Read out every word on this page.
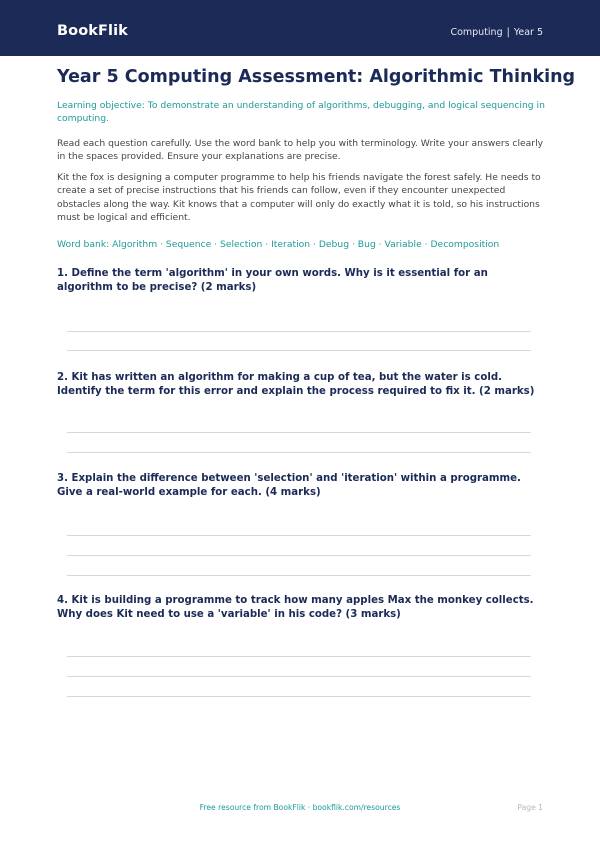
BookFlik	Computing | Year 5
Year 5 Computing Assessment: Algorithmic Thinking
Learning objective: To demonstrate an understanding of algorithms, debugging, and logical sequencing in computing.
Read each question carefully. Use the word bank to help you with terminology. Write your answers clearly in the spaces provided. Ensure your explanations are precise.
Kit the fox is designing a computer programme to help his friends navigate the forest safely. He needs to create a set of precise instructions that his friends can follow, even if they encounter unexpected obstacles along the way. Kit knows that a computer will only do exactly what it is told, so his instructions must be logical and efficient.
Word bank: Algorithm · Sequence · Selection · Iteration · Debug · Bug · Variable · Decomposition
1. Define the term 'algorithm' in your own words. Why is it essential for an algorithm to be precise? (2 marks)
2. Kit has written an algorithm for making a cup of tea, but the water is cold. Identify the term for this error and explain the process required to fix it. (2 marks)
3. Explain the difference between 'selection' and 'iteration' within a programme. Give a real-world example for each. (4 marks)
4. Kit is building a programme to track how many apples Max the monkey collects. Why does Kit need to use a 'variable' in his code? (3 marks)
Free resource from BookFlik · bookflik.com/resources	Page 1
